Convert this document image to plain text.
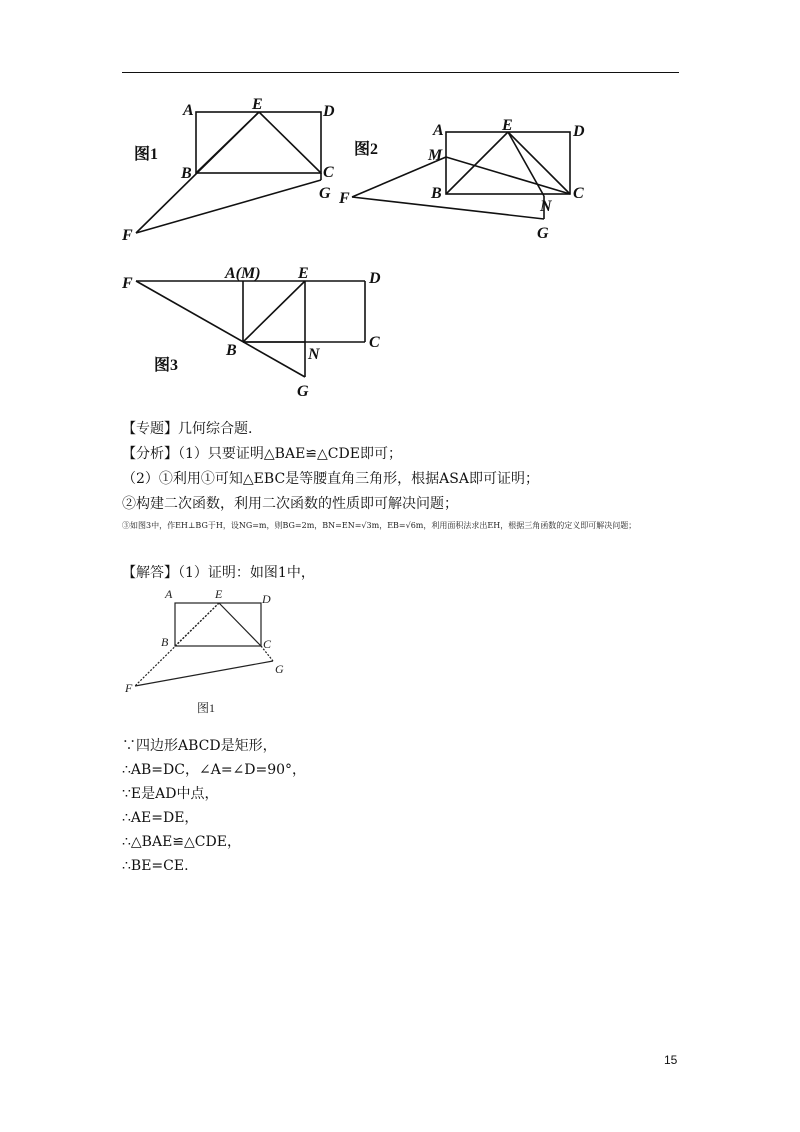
图1
A	E	D
B	C
G
F
图2
A	E	D
M
B	C
N
F
G
F
A(M) E	D
B	N
C
G
图3
【专题】几何综合题.
【分析】（1）只要证明△BAE≌△CDE即可；
（2）①利用①可知△EBC是等腰直角三角形，根据ASA即可证明；
②构建二次函数，利用二次函数的性质即可解决问题；
③如图3中，作EH⊥BG于H，设NG=m，则BG=2m，BN=EN=√3m，EB=√6m，利用面积法求出EH，根据三角函数的定义即可解决问题；
【解答】（1）证明：如图1中，
A	E	D
B	C
G
F
图1
∵四边形ABCD是矩形，
∴AB=DC，∠A=∠D=90°，
∵E是AD中点，
∴AE=DE，
∴△BAE≌△CDE，
∴BE=CE.
15
